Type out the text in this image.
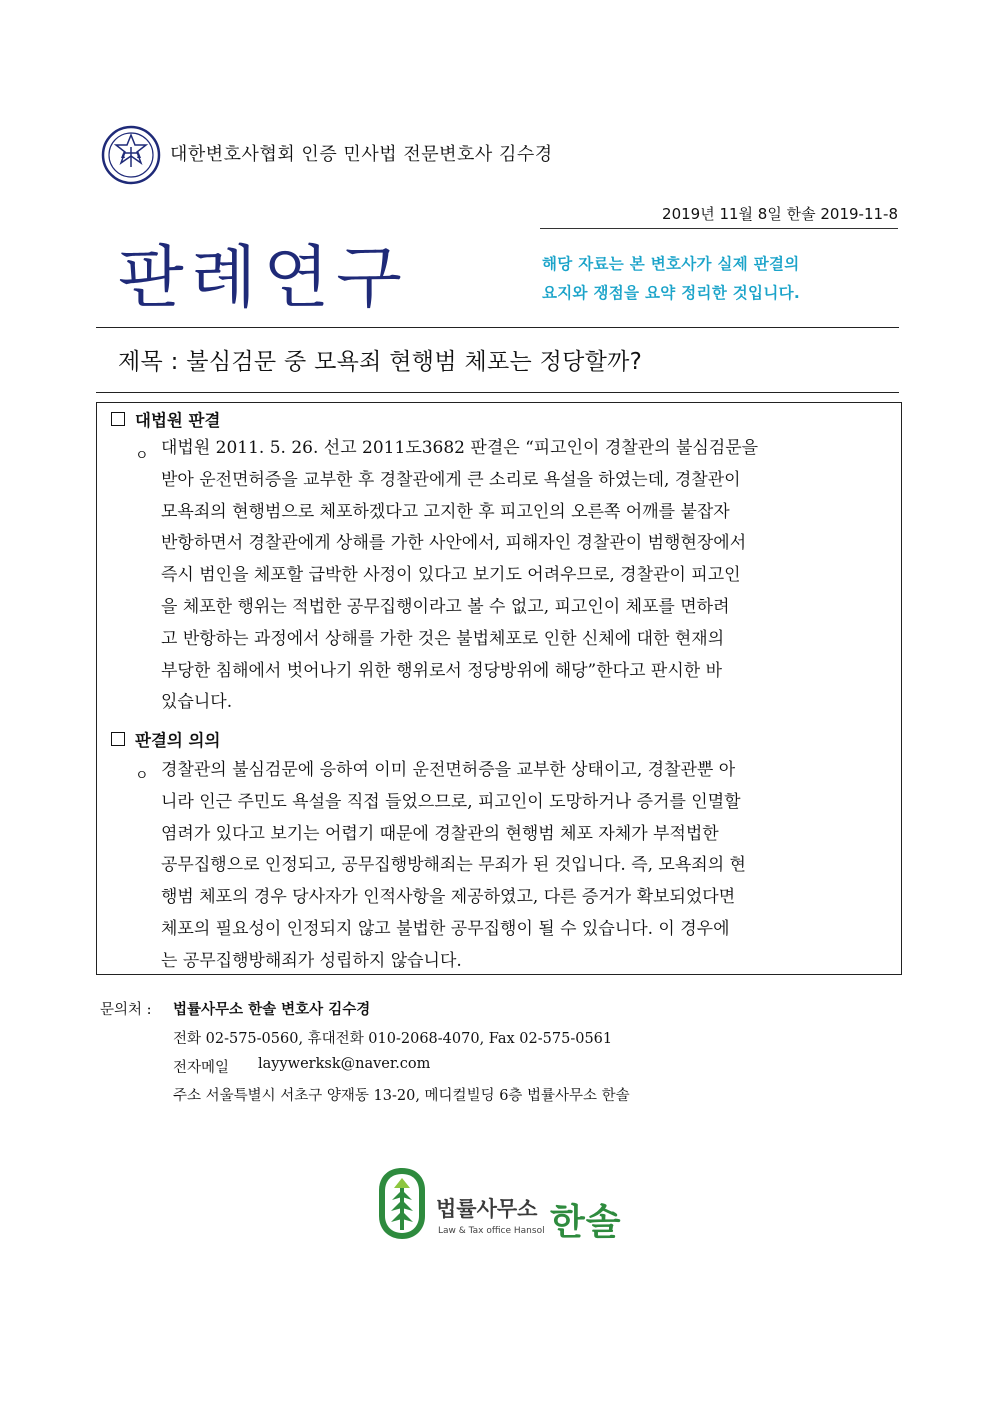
대한변호사협회 인증 민사법 전문변호사 김수경
2019년 11월 8일 한솔 2019-11-8
판례연구	해당 자료는 본 변호사가 실제 판결의
요지와 쟁점을 요약 정리한 것입니다.
제목 : 불심검문 중 모욕죄 현행범 체포는 정당할까?
대법원 판결
ㅇ 대법원 2011. 5. 26. 선고 2011도3682 판결은 “피고인이 경찰관의 불심검문을
받아 운전면허증을 교부한 후 경찰관에게 큰 소리로 욕설을 하였는데, 경찰관이
모욕죄의 현행범으로 체포하겠다고 고지한 후 피고인의 오른쪽 어깨를 붙잡자
반항하면서 경찰관에게 상해를 가한 사안에서, 피해자인 경찰관이 범행현장에서
즉시 범인을 체포할 급박한 사정이 있다고 보기도 어려우므로, 경찰관이 피고인
을 체포한 행위는 적법한 공무집행이라고 볼 수 없고, 피고인이 체포를 면하려
고 반항하는 과정에서 상해를 가한 것은 불법체포로 인한 신체에 대한 현재의
부당한 침해에서 벗어나기 위한 행위로서 정당방위에 해당”한다고 판시한 바
있습니다.
판결의 의의
ㅇ 경찰관의 불심검문에 응하여 이미 운전면허증을 교부한 상태이고, 경찰관뿐 아
니라 인근 주민도 욕설을 직접 들었으므로, 피고인이 도망하거나 증거를 인멸할
염려가 있다고 보기는 어렵기 때문에 경찰관의 현행범 체포 자체가 부적법한
공무집행으로 인정되고, 공무집행방해죄는 무죄가 된 것입니다. 즉, 모욕죄의 현
행범 체포의 경우 당사자가 인적사항을 제공하였고, 다른 증거가 확보되었다면
체포의 필요성이 인정되지 않고 불법한 공무집행이 될 수 있습니다. 이 경우에
는 공무집행방해죄가 성립하지 않습니다.
문의처 : 법률사무소 한솔 변호사 김수경
전화 02-575-0560, 휴대전화 010-2068-4070, Fax 02-575-0561
전자메일 layywerksk@naver.com
주소 서울특별시 서초구 양재동 13-20, 메디컬빌딩 6층 법률사무소 한솔
법률사무소 한솔
Law & Tax office Hansol
